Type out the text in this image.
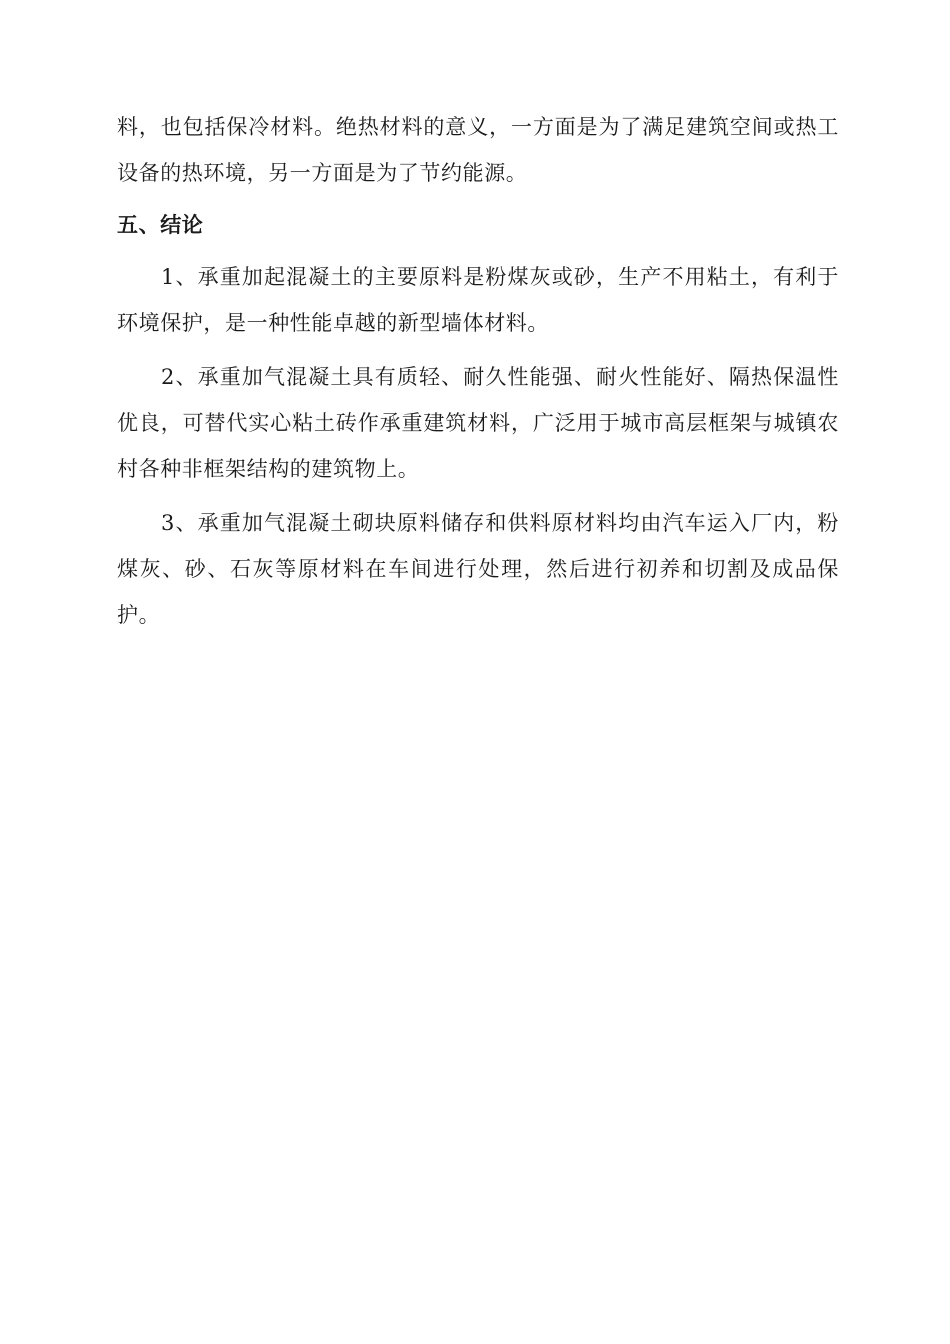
料，也包括保冷材料。绝热材料的意义，一方面是为了满足建筑空间或热工设备的热环境，另一方面是为了节约能源。

五、结论

1、承重加起混凝土的主要原料是粉煤灰或砂，生产不用粘土，有利于环境保护，是一种性能卓越的新型墙体材料。

2、承重加气混凝土具有质轻、耐久性能强、耐火性能好、隔热保温性优良，可替代实心粘土砖作承重建筑材料，广泛用于城市高层框架与城镇农村各种非框架结构的建筑物上。

3、承重加气混凝土砌块原料储存和供料原材料均由汽车运入厂内，粉煤灰、砂、石灰等原材料在车间进行处理，然后进行初养和切割及成品保护。
